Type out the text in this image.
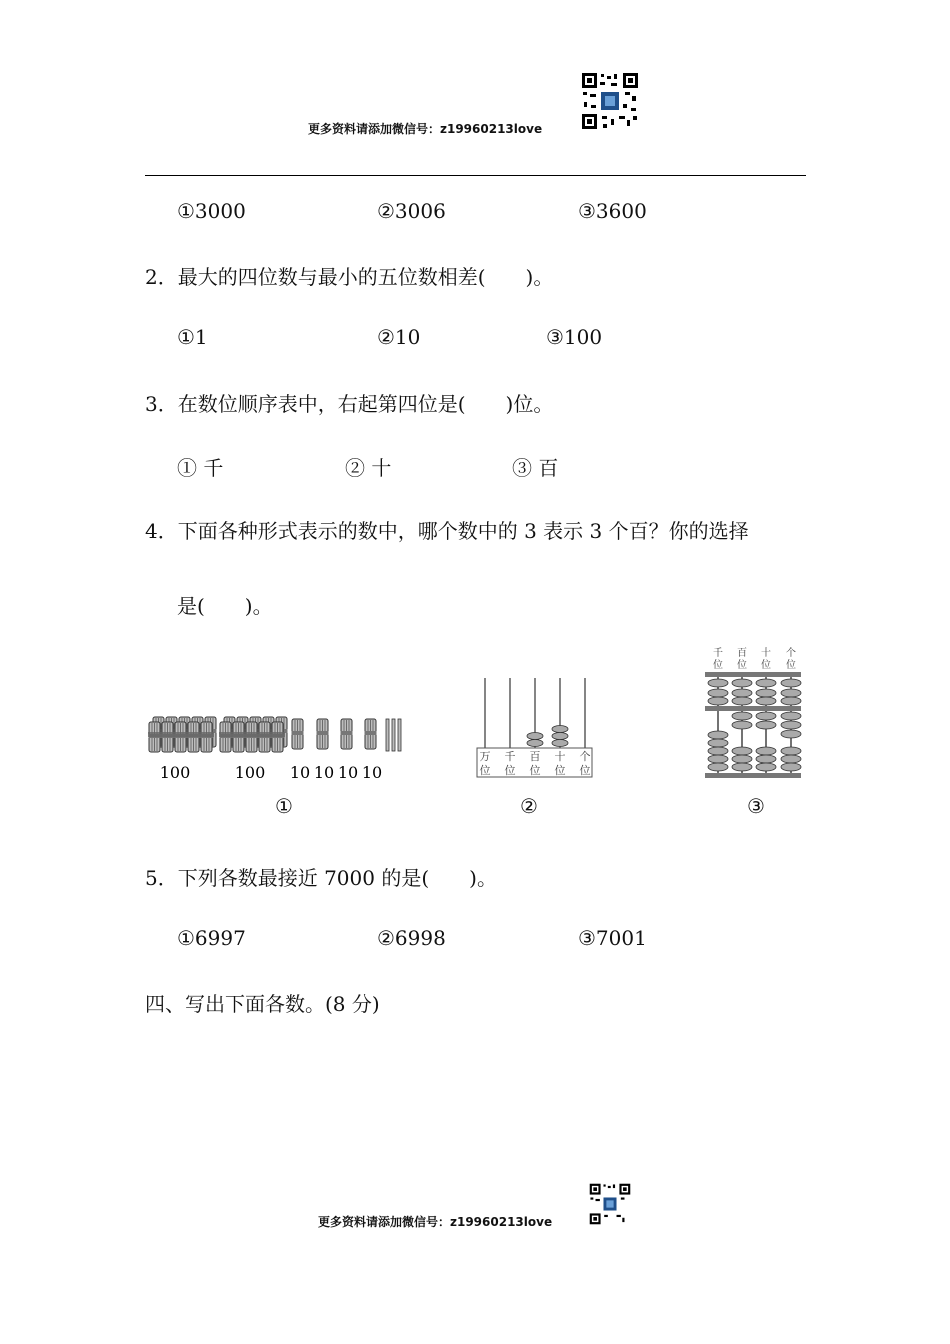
更多资料请添加微信号：z19960213love
①3000	②3006	③3600
2．最大的四位数与最小的五位数相差(　　)。
①1	②10	③100
3．在数位顺序表中，右起第四位是(　　)位。
① 千	② 十	③ 百
4．下面各种形式表示的数中，哪个数中的 3 表示 3 个百？你的选择
是(　　)。
100	100 10 10 10 10
万
位
千
位
百
位
十
位
个
位
千
位
百
位
十
位
个
位
①	②	③
5．下列各数最接近 7000 的是(　　)。
①6997	②6998	③7001
四、写出下面各数。(8 分)
更多资料请添加微信号：z19960213love
